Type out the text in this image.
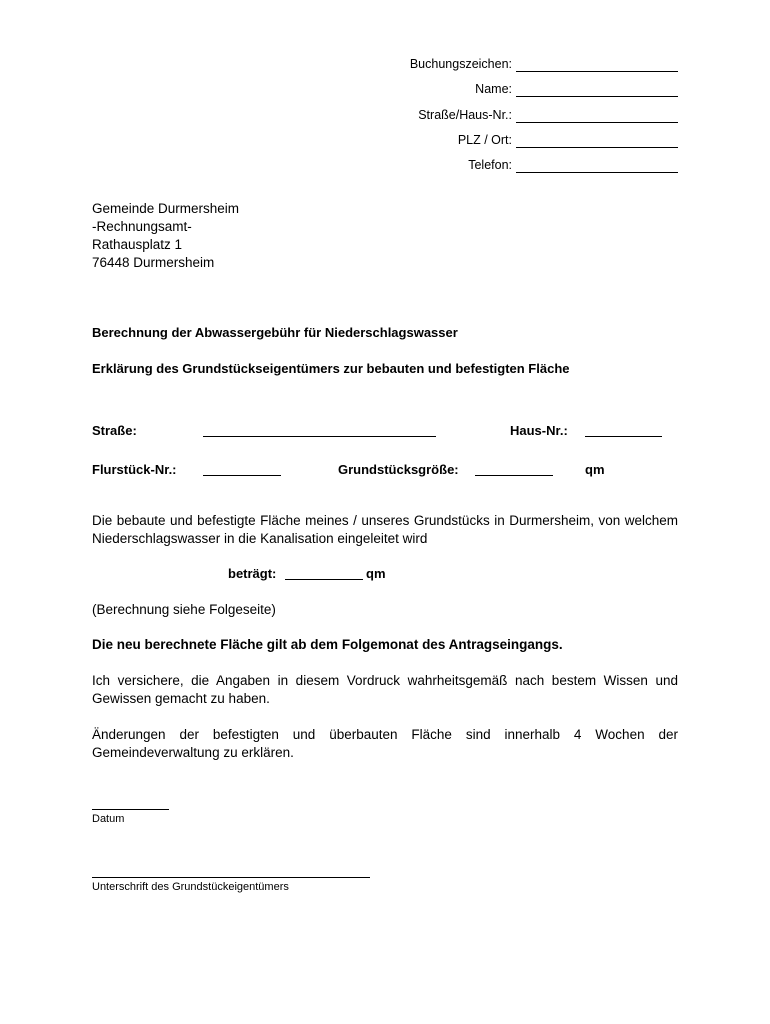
Buchungszeichen:
Name:
Straße/Haus-Nr.:
PLZ / Ort:
Telefon:
Gemeinde Durmersheim
-Rechnungsamt-
Rathausplatz 1
76448 Durmersheim
Berechnung der Abwassergebühr für Niederschlagswasser
Erklärung des Grundstückseigentümers zur bebauten und befestigten Fläche
Straße:	Haus-Nr.:
Flurstück-Nr.:	Grundstücksgröße:	qm
Die bebaute und befestigte Fläche meines / unseres Grundstücks in Durmersheim, von welchem Niederschlagswasser in die Kanalisation eingeleitet wird
beträgt:	qm
(Berechnung siehe Folgeseite)
Die neu berechnete Fläche gilt ab dem Folgemonat des Antragseingangs.
Ich versichere, die Angaben in diesem Vordruck wahrheitsgemäß nach bestem Wissen und Gewissen gemacht zu haben.
Änderungen der befestigten und überbauten Fläche sind innerhalb 4 Wochen der Gemeindeverwaltung zu erklären.
Datum
Unterschrift des Grundstückeigentümers
